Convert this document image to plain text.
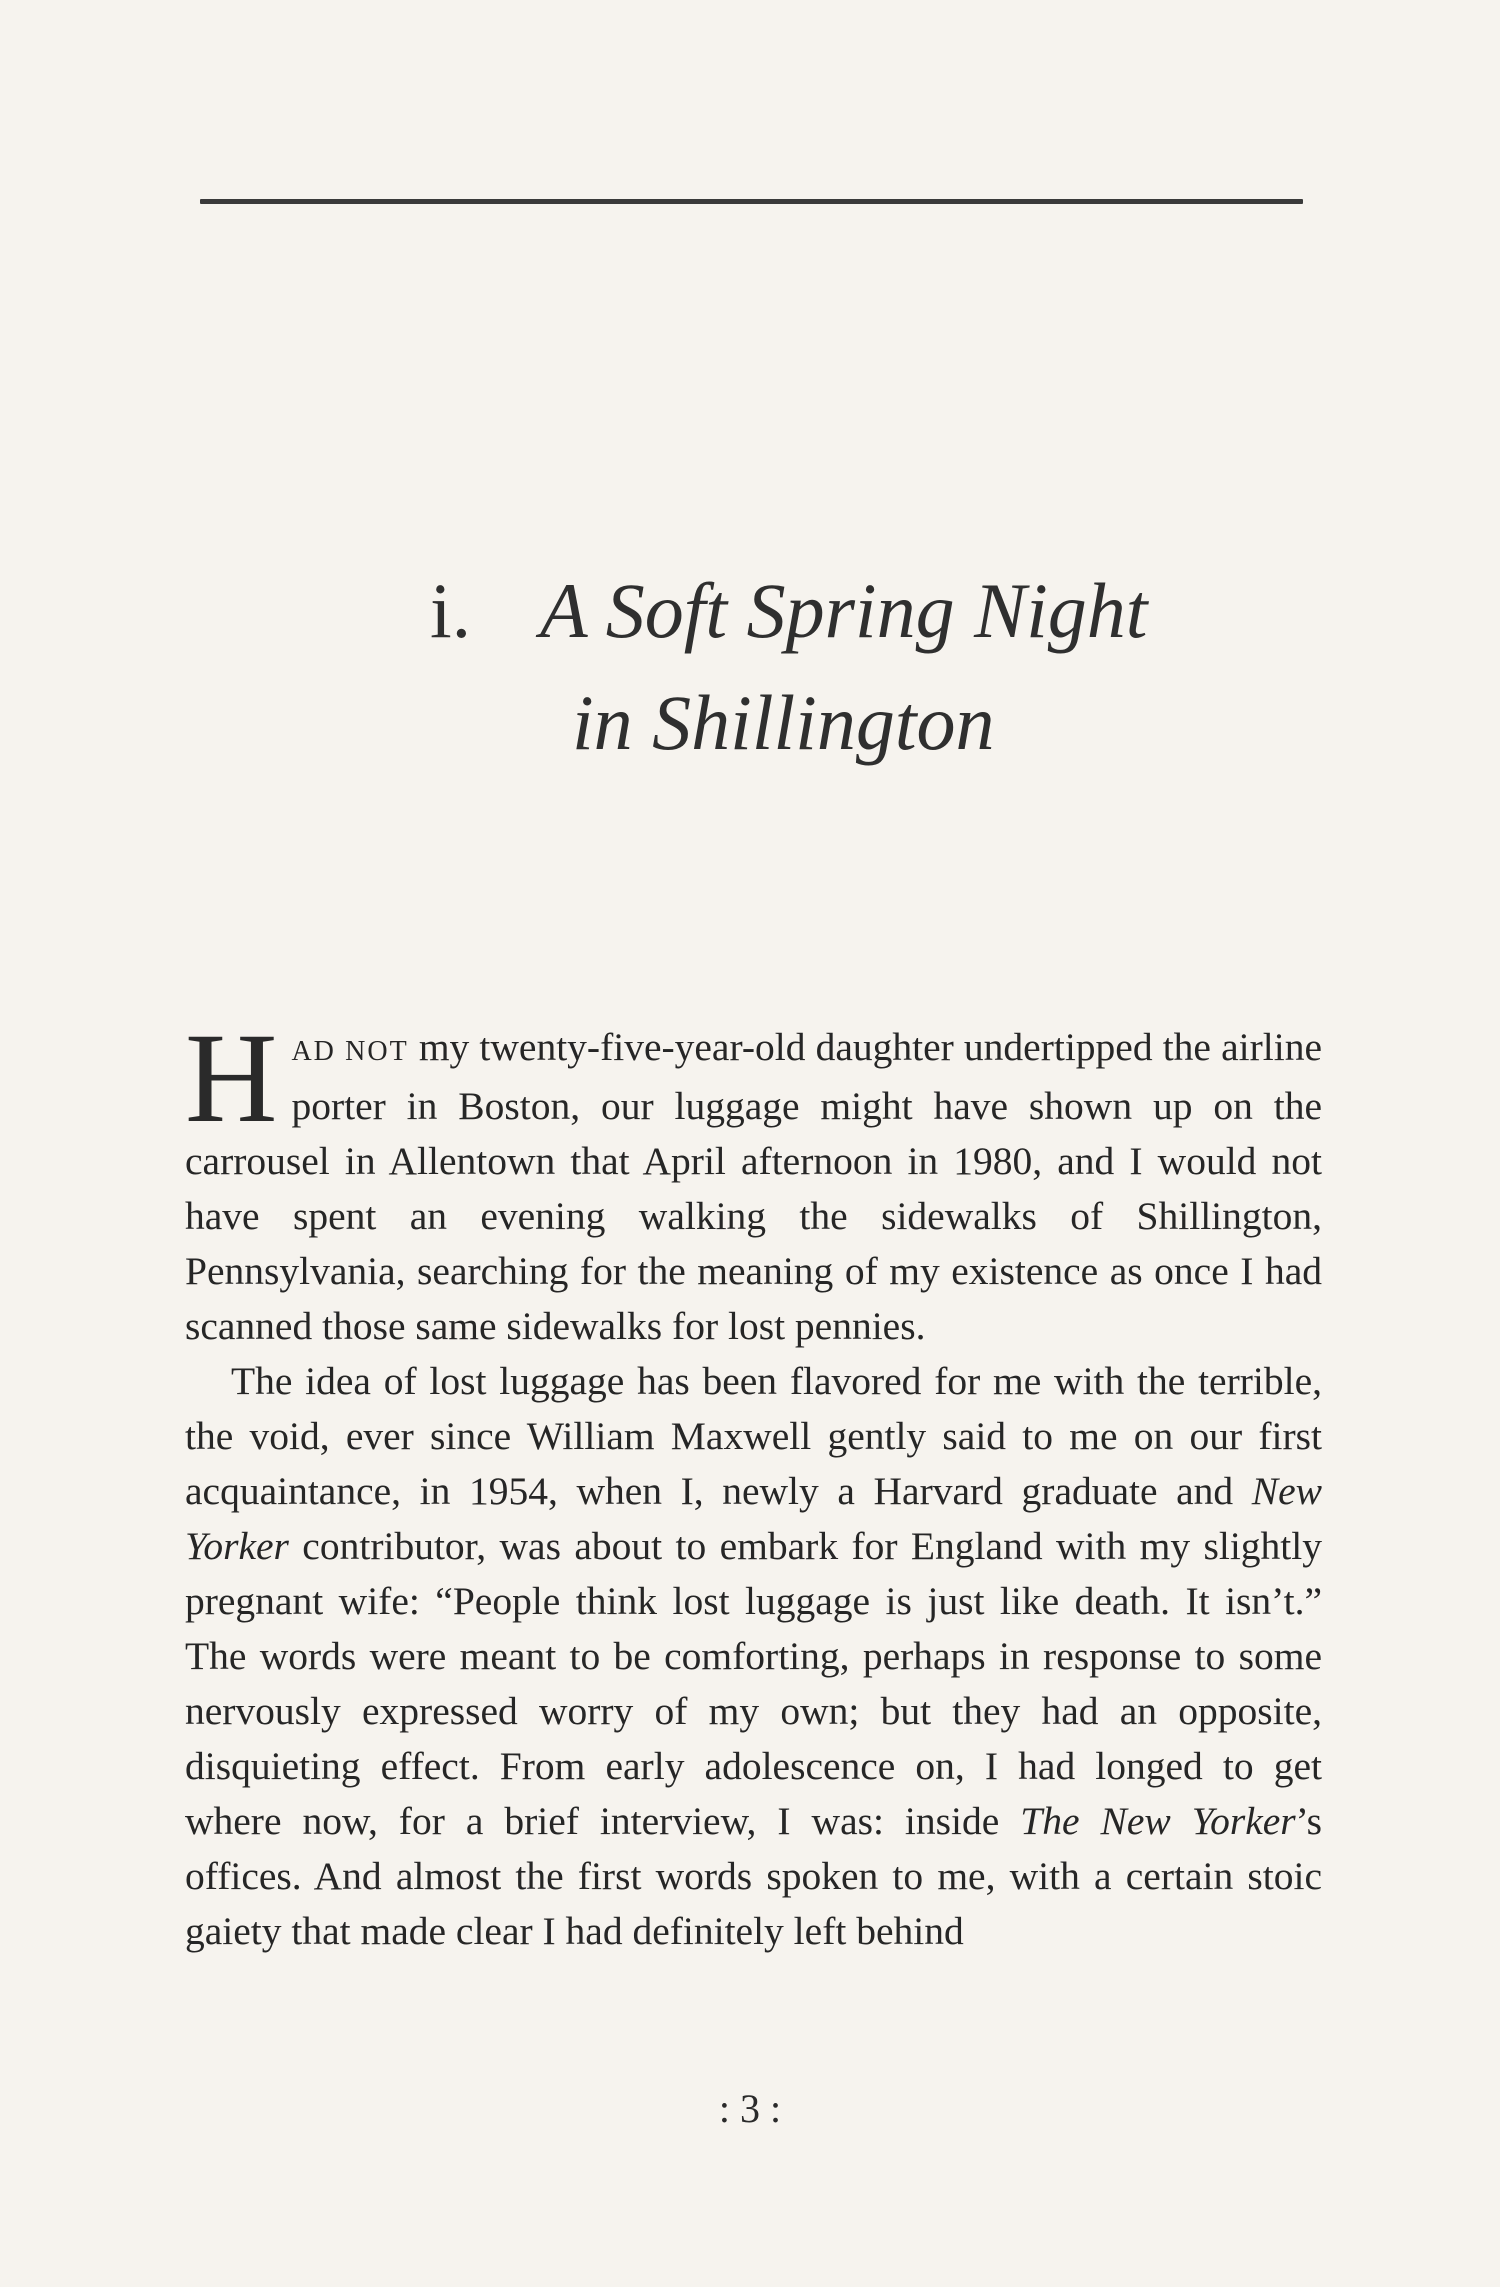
i. A Soft Spring Night
in Shillington

HAD NOT my twenty-five-year-old daughter undertipped the airline porter in Boston, our luggage might have shown up on the carrousel in Allentown that April afternoon in 1980, and I would not have spent an evening walking the sidewalks of Shillington, Pennsylvania, searching for the meaning of my existence as once I had scanned those same sidewalks for lost pennies.

The idea of lost luggage has been flavored for me with the terrible, the void, ever since William Maxwell gently said to me on our first acquaintance, in 1954, when I, newly a Harvard graduate and New Yorker contributor, was about to embark for England with my slightly pregnant wife: “People think lost luggage is just like death. It isn’t.” The words were meant to be comforting, perhaps in response to some nervously expressed worry of my own; but they had an opposite, disquieting effect. From early adolescence on, I had longed to get where now, for a brief interview, I was: inside The New Yorker’s offices. And almost the first words spoken to me, with a certain stoic gaiety that made clear I had definitely left behind

: 3 :
